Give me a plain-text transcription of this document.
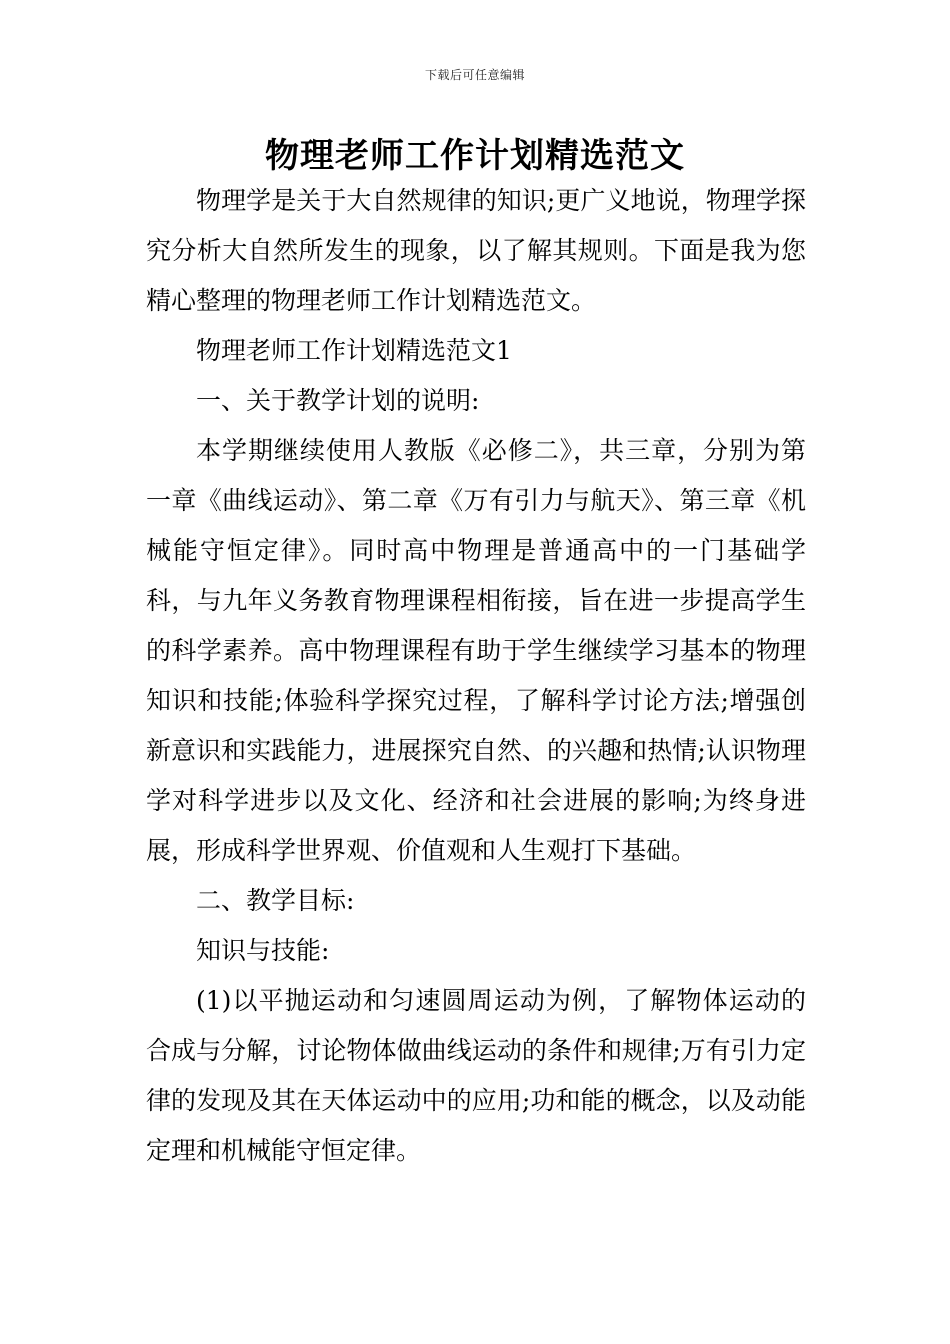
下载后可任意编辑
物理老师工作计划精选范文

物理学是关于大自然规律的知识;更广义地说，物理学探究分析大自然所发生的现象，以了解其规则。下面是我为您精心整理的物理老师工作计划精选范文。

物理老师工作计划精选范文1

一、关于教学计划的说明:

本学期继续使用人教版《必修二》，共三章，分别为第一章《曲线运动》、第二章《万有引力与航天》、第三章《机械能守恒定律》。同时高中物理是普通高中的一门基础学科，与九年义务教育物理课程相衔接，旨在进一步提高学生的科学素养。高中物理课程有助于学生继续学习基本的物理知识和技能;体验科学探究过程，了解科学讨论方法;增强创新意识和实践能力，进展探究自然、的兴趣和热情;认识物理学对科学进步以及文化、经济和社会进展的影响;为终身进展，形成科学世界观、价值观和人生观打下基础。

二、教学目标:

知识与技能:

(1)以平抛运动和匀速圆周运动为例，了解物体运动的合成与分解，讨论物体做曲线运动的条件和规律;万有引力定律的发现及其在天体运动中的应用;功和能的概念，以及动能定理和机械能守恒定律。
